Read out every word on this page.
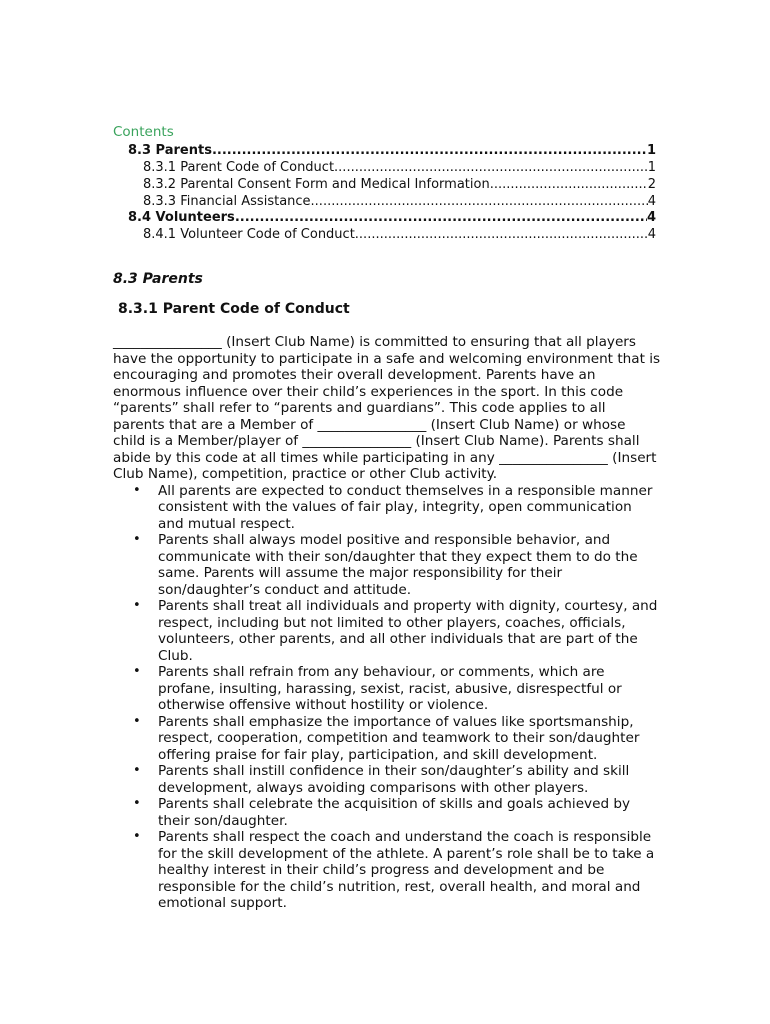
Contents
8.3 Parents .....	1
8.3.1 Parent Code of Conduct .....	1
8.3.2 Parental Consent Form and Medical Information .....	2
8.3.3 Financial Assistance .....	4
8.4 Volunteers .....	4
8.4.1 Volunteer Code of Conduct .....	4
8.3 Parents
8.3.1 Parent Code of Conduct

________________ (Insert Club Name) is committed to ensuring that all players have the opportunity to participate in a safe and welcoming environment that is encouraging and promotes their overall development. Parents have an enormous influence over their child’s experiences in the sport. In this code “parents” shall refer to “parents and guardians”. This code applies to all parents that are a Member of ________________ (Insert Club Name) or whose child is a Member/player of ________________ (Insert Club Name). Parents shall abide by this code at all times while participating in any ________________ (Insert Club Name), competition, practice or other Club activity.

• All parents are expected to conduct themselves in a responsible manner consistent with the values of fair play, integrity, open communication and mutual respect.
• Parents shall always model positive and responsible behavior, and communicate with their son/daughter that they expect them to do the same. Parents will assume the major responsibility for their son/daughter’s conduct and attitude.
• Parents shall treat all individuals and property with dignity, courtesy, and respect, including but not limited to other players, coaches, officials, volunteers, other parents, and all other individuals that are part of the Club.
• Parents shall refrain from any behaviour, or comments, which are profane, insulting, harassing, sexist, racist, abusive, disrespectful or otherwise offensive without hostility or violence.
• Parents shall emphasize the importance of values like sportsmanship, respect, cooperation, competition and teamwork to their son/daughter offering praise for fair play, participation, and skill development.
• Parents shall instill confidence in their son/daughter’s ability and skill development, always avoiding comparisons with other players.
• Parents shall celebrate the acquisition of skills and goals achieved by their son/daughter.
• Parents shall respect the coach and understand the coach is responsible for the skill development of the athlete. A parent’s role shall be to take a healthy interest in their child’s progress and development and be responsible for the child’s nutrition, rest, overall health, and moral and emotional support.
